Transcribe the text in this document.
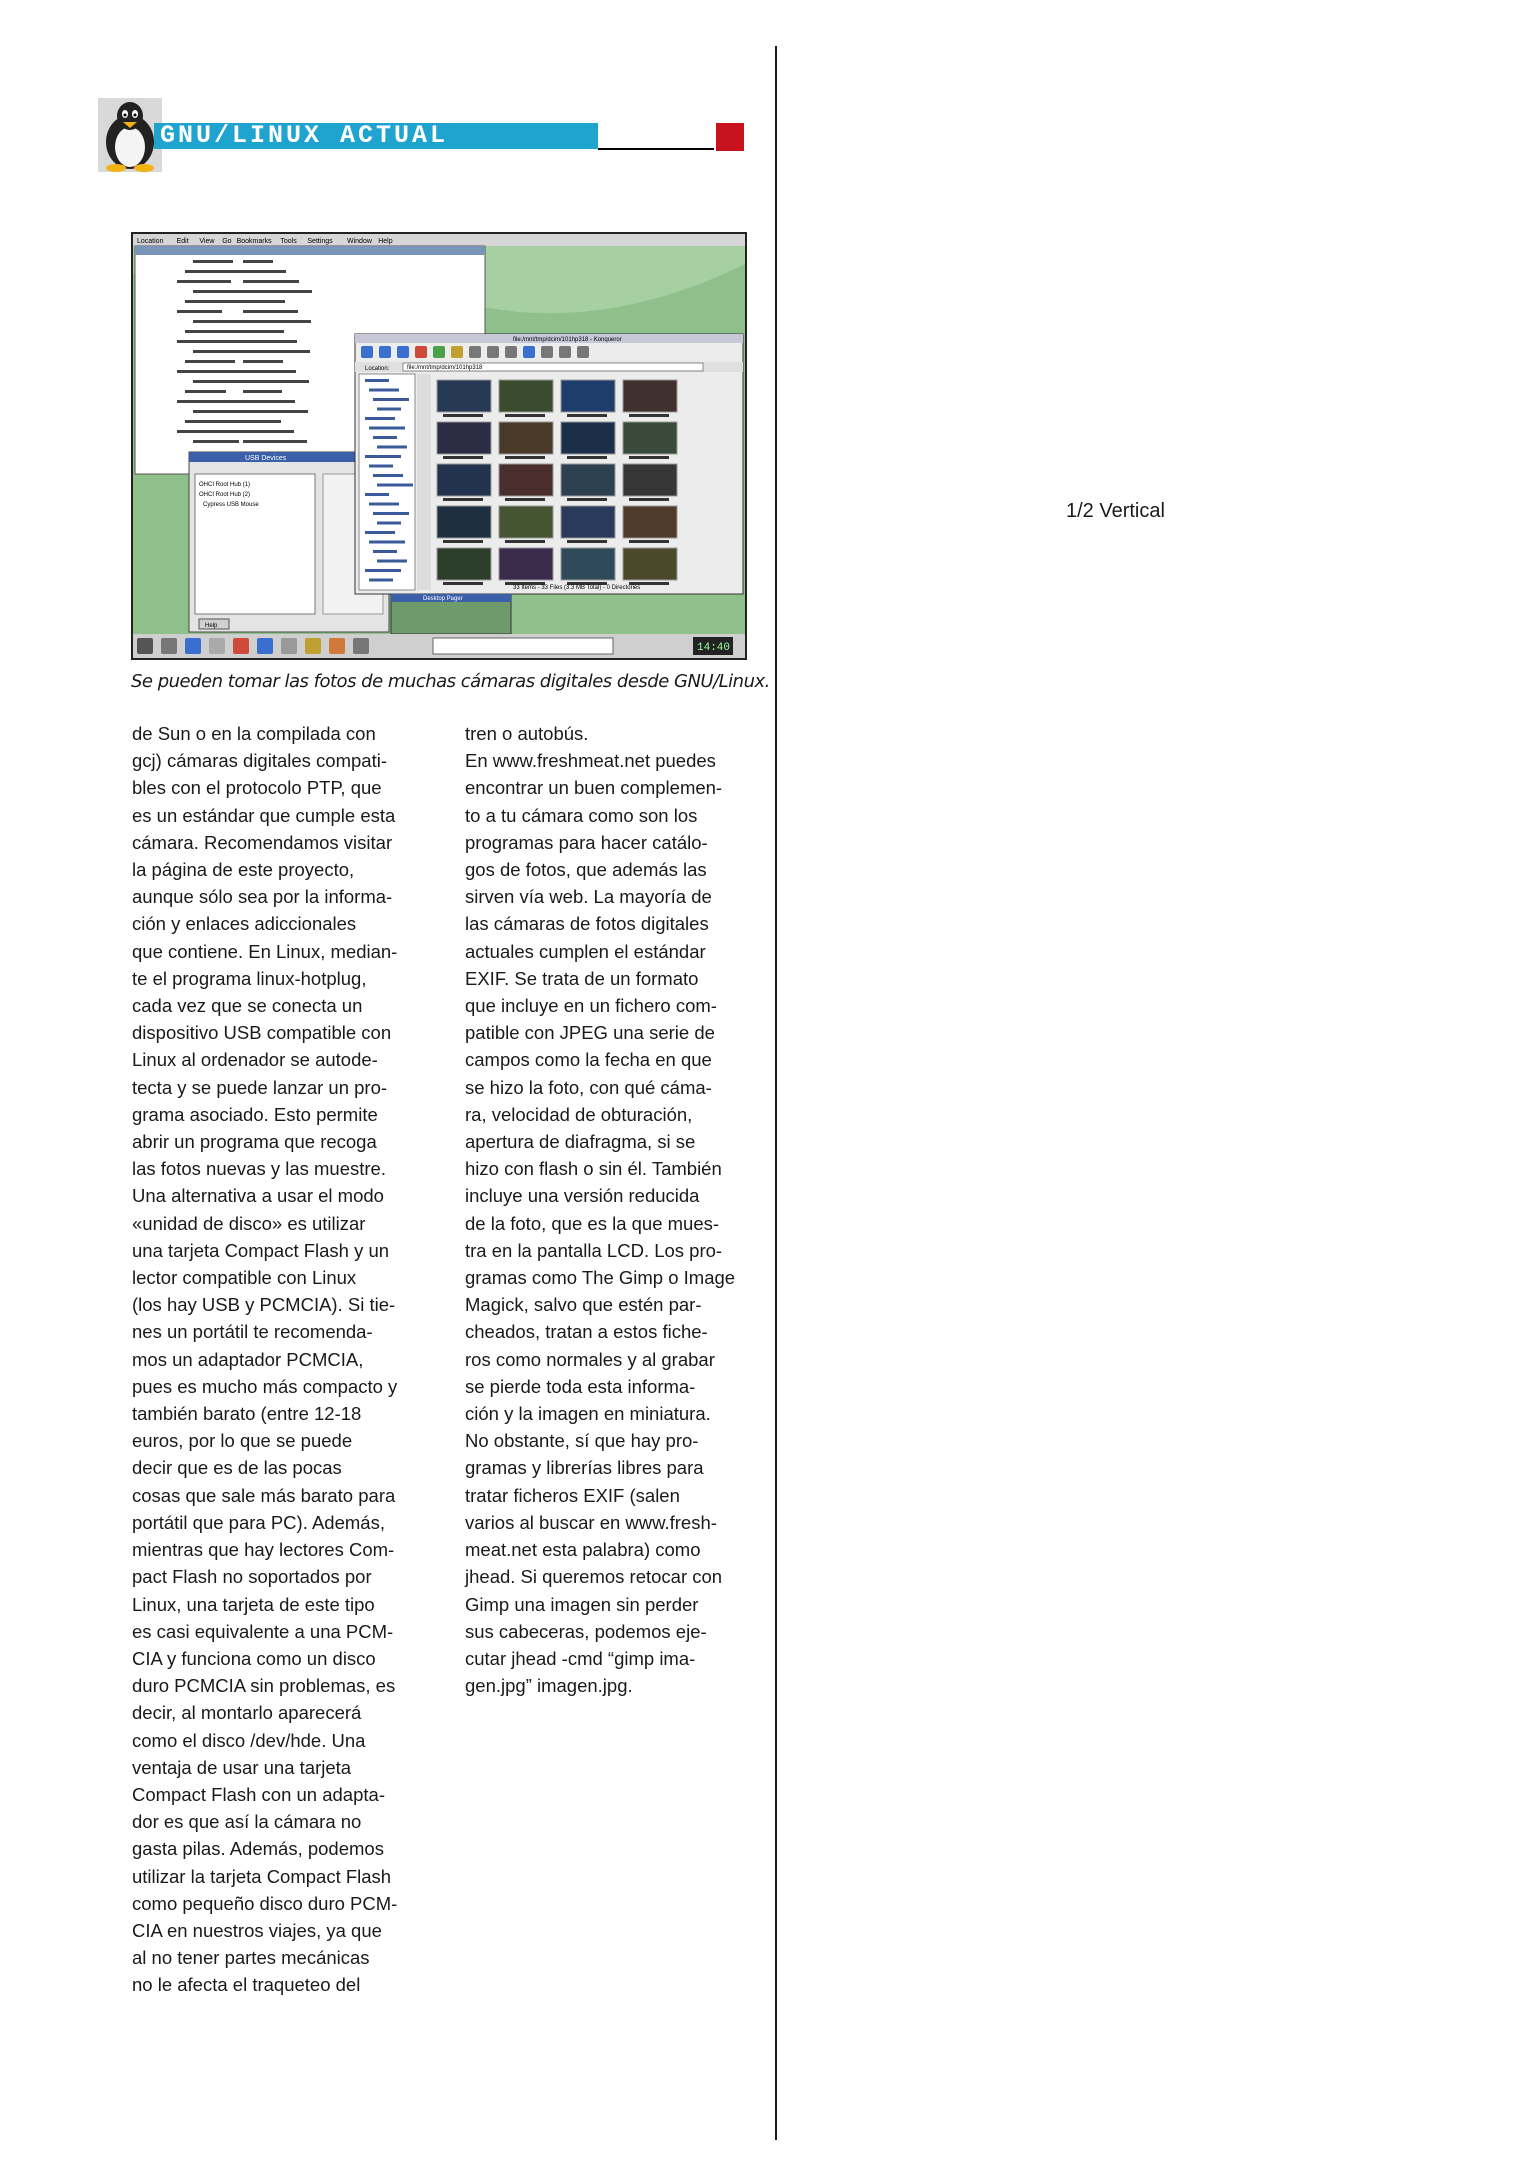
GNU/LINUX ACTUAL
1/2 Vertical
Location Edit View Go Bookmarks Tools Settings Window Help
USB Devices
OHCI Root Hub (1)
OHCI Root Hub (2)
Cypress USB Mouse
Help
file:/mnt/tmp/dcim/101hp318 - Konqueror
Location:	file:/mnt/tmp/dcim/101hp318
33 Items - 33 Files (3.3 MB Total) - 0 Directories
Desktop Pager
14:40
Se pueden tomar las fotos de muchas cámaras digitales desde GNU/Linux.

de Sun o en la compilada con

gcj) cámaras digitales compati-

bles con el protocolo PTP, que

es un estándar que cumple esta

cámara. Recomendamos visitar

la página de este proyecto,

aunque sólo sea por la informa-

ción y enlaces adiccionales

que contiene. En Linux, median-

te el programa linux-hotplug,

cada vez que se conecta un

dispositivo USB compatible con

Linux al ordenador se autode-

tecta y se puede lanzar un pro-

grama asociado. Esto permite

abrir un programa que recoga

las fotos nuevas y las muestre.

Una alternativa a usar el modo

«unidad de disco» es utilizar

una tarjeta Compact Flash y un

lector compatible con Linux

(los hay USB y PCMCIA). Si tie-

nes un portátil te recomenda-

mos un adaptador PCMCIA,

pues es mucho más compacto y

también barato (entre 12-18

euros, por lo que se puede

decir que es de las pocas

cosas que sale más barato para

portátil que para PC). Además,

mientras que hay lectores Com-

pact Flash no soportados por

Linux, una tarjeta de este tipo

es casi equivalente a una PCM-

CIA y funciona como un disco

duro PCMCIA sin problemas, es

decir, al montarlo aparecerá

como el disco /dev/hde. Una

ventaja de usar una tarjeta

Compact Flash con un adapta-

dor es que así la cámara no

gasta pilas. Además, podemos

utilizar la tarjeta Compact Flash

como pequeño disco duro PCM-

CIA en nuestros viajes, ya que

al no tener partes mecánicas

no le afecta el traqueteo del

tren o autobús.

En www.freshmeat.net puedes

encontrar un buen complemen-

to a tu cámara como son los

programas para hacer catálo-

gos de fotos, que además las

sirven vía web. La mayoría de

las cámaras de fotos digitales

actuales cumplen el estándar

EXIF. Se trata de un formato

que incluye en un fichero com-

patible con JPEG una serie de

campos como la fecha en que

se hizo la foto, con qué cáma-

ra, velocidad de obturación,

apertura de diafragma, si se

hizo con flash o sin él. También

incluye una versión reducida

de la foto, que es la que mues-

tra en la pantalla LCD. Los pro-

gramas como The Gimp o Image

Magick, salvo que estén par-

cheados, tratan a estos fiche-

ros como normales y al grabar

se pierde toda esta informa-

ción y la imagen en miniatura.

No obstante, sí que hay pro-

gramas y librerías libres para

tratar ficheros EXIF (salen

varios al buscar en www.fresh-

meat.net esta palabra) como

jhead. Si queremos retocar con

Gimp una imagen sin perder

sus cabeceras, podemos eje-

cutar jhead -cmd “gimp ima-

gen.jpg” imagen.jpg.
